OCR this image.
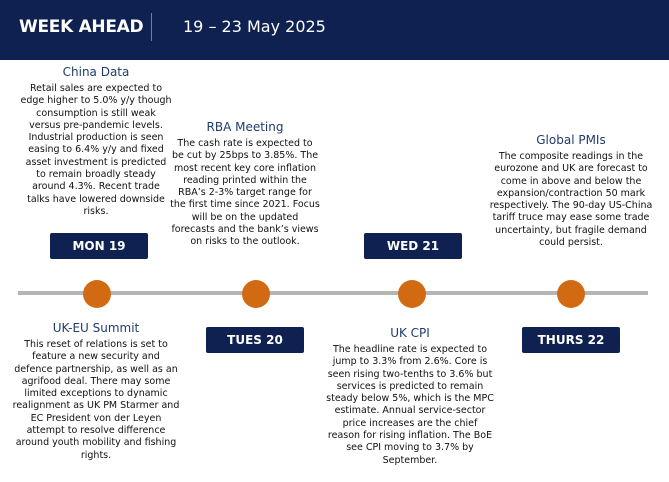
WEEK AHEAD 19 – 23 May 2025
China Data
Retail sales are expected to edge higher to 5.0% y/y though consumption is still weak versus pre-pandemic levels. Industrial production is seen easing to 6.4% y/y and fixed asset investment is predicted to remain broadly steady around 4.3%. Recent trade talks have lowered downside risks.
RBA Meeting
The cash rate is expected to be cut by 25bps to 3.85%. The most recent key core inflation reading printed within the RBA’s 2-3% target range for the first time since 2021. Focus will be on the updated forecasts and the bank’s views on risks to the outlook.
Global PMIs
The composite readings in the eurozone and UK are forecast to come in above and below the expansion/contraction 50 mark respectively. The 90-day US-China tariff truce may ease some trade uncertainty, but fragile demand could persist.
MON 19	WED 21
TUES 20	THURS 22
UK-EU Summit
This reset of relations is set to feature a new security and defence partnership, as well as an agrifood deal. There may some limited exceptions to dynamic realignment as UK PM Starmer and EC President von der Leyen attempt to resolve difference around youth mobility and fishing rights.
UK CPI
The headline rate is expected to jump to 3.3% from 2.6%. Core is seen rising two-tenths to 3.6% but services is predicted to remain steady below 5%, which is the MPC estimate. Annual service-sector price increases are the chief reason for rising inflation. The BoE see CPI moving to 3.7% by September.
